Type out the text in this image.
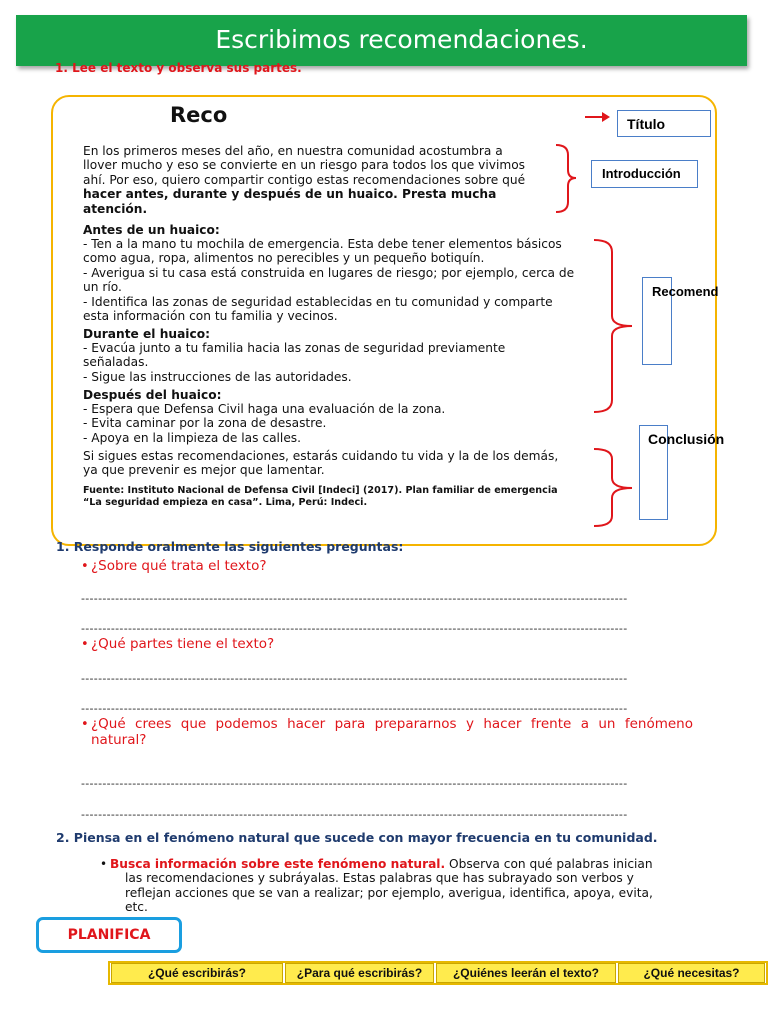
Escribimos recomendaciones.
1. Lee el texto y observa sus partes.
Reco
En los primeros meses del año, en nuestra comunidad acostumbra a
llover mucho y eso se convierte en un riesgo para todos los que vivimos
ahí. Por eso, quiero compartir contigo estas recomendaciones sobre qué
hacer antes, durante y después de un huaico. Presta mucha
atención.
Antes de un huaico:
- Ten a la mano tu mochila de emergencia. Esta debe tener elementos básicos
como agua, ropa, alimentos no perecibles y un pequeño botiquín.
- Averigua si tu casa está construida en lugares de riesgo; por ejemplo, cerca de
un río.
- Identifica las zonas de seguridad establecidas en tu comunidad y comparte
esta información con tu familia y vecinos.
Durante el huaico:
- Evacúa junto a tu familia hacia las zonas de seguridad previamente
señaladas.
- Sigue las instrucciones de las autoridades.
Después del huaico:
- Espera que Defensa Civil haga una evaluación de la zona.
- Evita caminar por la zona de desastre.
- Apoya en la limpieza de las calles.
Si sigues estas recomendaciones, estarás cuidando tu vida y la de los demás,
ya que prevenir es mejor que lamentar.
Fuente: Instituto Nacional de Defensa Civil [Indeci] (2017). Plan familiar de emergencia
“La seguridad empieza en casa”. Lima, Perú: Indeci.
Título
Introducción
Recomend
Conclusión
1. Responde oralmente las siguientes preguntas:
• ¿Sobre qué trata el texto?
--------------------------------------------------------------------------------------------------------------------------------
--------------------------------------------------------------------------------------------------------------------------------
• ¿Qué partes tiene el texto?
--------------------------------------------------------------------------------------------------------------------------------
--------------------------------------------------------------------------------------------------------------------------------
• ¿Qué crees que podemos hacer para prepararnos y hacer frente a un fenómeno
natural?
--------------------------------------------------------------------------------------------------------------------------------
--------------------------------------------------------------------------------------------------------------------------------
2. Piensa en el fenómeno natural que sucede con mayor frecuencia en tu comunidad.
• Busca información sobre este fenómeno natural. Observa con qué palabras inician
las recomendaciones y subráyalas. Estas palabras que has subrayado son verbos y
reflejan acciones que se van a realizar; por ejemplo, averigua, identifica, apoya, evita,
etc.
PLANIFICA
¿Qué escribirás?	¿Para qué escribirás?	¿Quiénes leerán el texto?	¿Qué necesitas?
